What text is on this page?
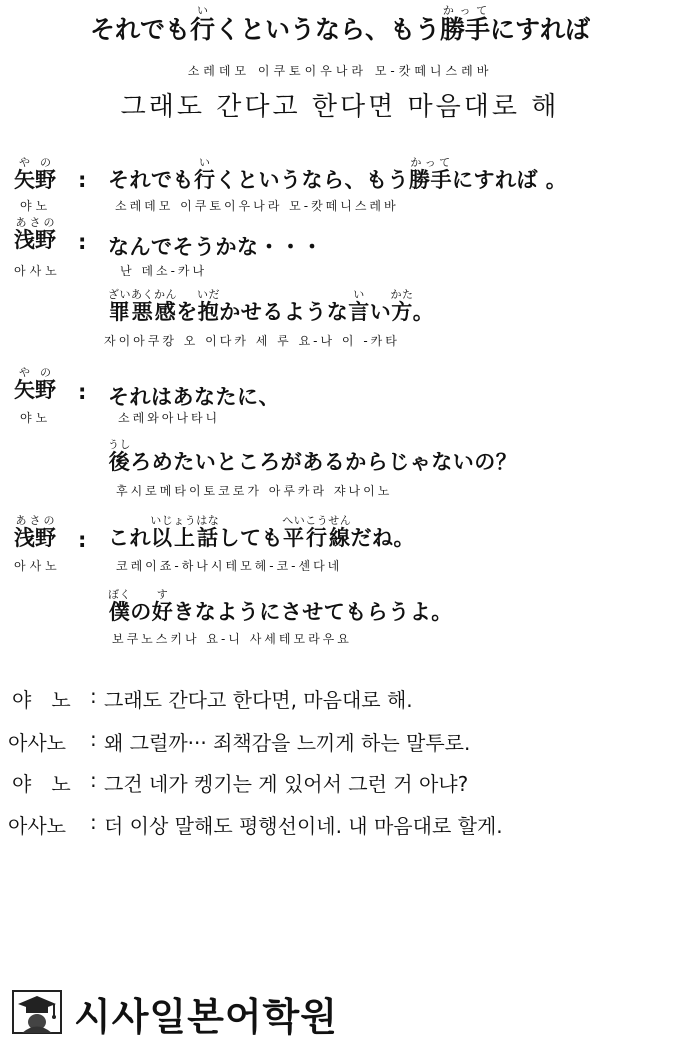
それでも行いくというなら、もう勝手かってにすれば
소레데모 이쿠토이우나라 모-캇떼니스레바
그래도 간다고 한다면 마음대로 해
矢野やの
:
야노
それでも行いくというなら、もう勝手かってにすれば 。
소레데모 이쿠토이우나라 모-캇떼니스레바
浅野あさの
:
아사노
なんでそうかな・・・
난 데소-카나
罪悪感ざいあくかんを抱いだかせるような言いい方かた。
자이아쿠캉 오 이다카 세 루 요-나 이 -카타
矢野やの
:
야노
それはあなたに、
소레와아나타니
後うしろめたいところがあるからじゃないの？
후시로메타이토코로가 아루카라 쟈나이노
浅野あさの
:
아사노
これ以上いじょう話はなしても平行線へいこうせんだね。
코레이죠-하나시테모헤-코-센다네
僕ぼくの好すきなようにさせてもらうよ。
보쿠노스키나 요-니 사세테모라우요
야　노 : 그래도 간다고 한다면, 마음대로 해.
아사노 : 왜 그럴까··· 죄책감을 느끼게 하는 말투로.
야　노 : 그건 네가 켕기는 게 있어서 그런 거 아냐?
아사노 : 더 이상 말해도 평행선이네. 내 마음대로 할게.
시사일본어학원
